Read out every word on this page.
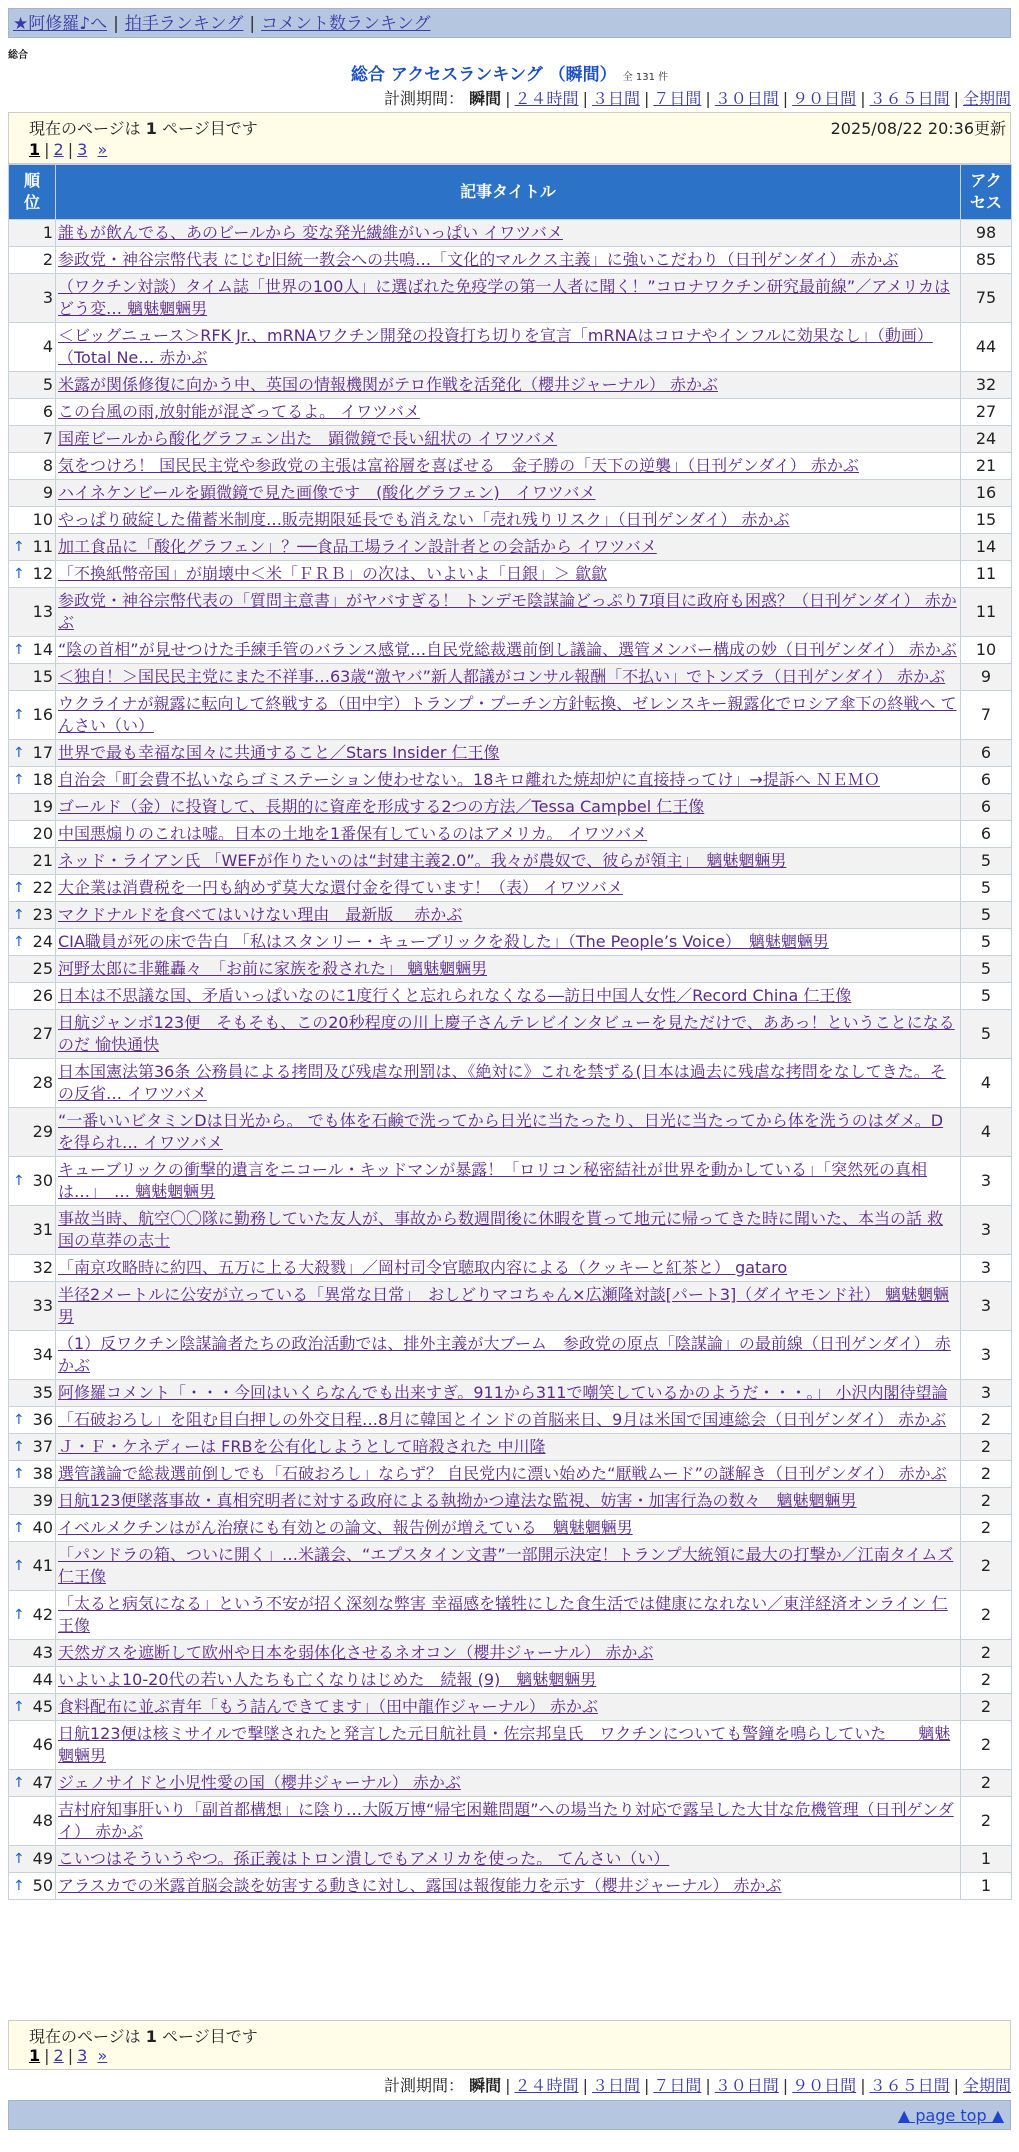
★阿修羅♪へ | 拍手ランキング | コメント数ランキング
総合
総合 アクセスランキング （瞬間） 全 131 件
計測期間： 瞬間 | ２４時間 | ３日間 | ７日間 | ３０日間 | ９０日間 | ３６５日間 | 全期間
現在のページは 1 ページ目です	2025/08/22 20:36更新
1 | 2 | 3 »
順位	記事タイトル	アクセス
1	誰もが飲んでる、あのビールから 変な発光繊維がいっぱい イワツバメ	98
2	参政党・神谷宗幣代表 にじむ旧統一教会への共鳴…「文化的マルクス主義」に強いこだわり（日刊ゲンダイ） 赤かぶ	85
3	（ワクチン対談）タイム誌「世界の100人」に選ばれた免疫学の第一人者に聞く！”コロナワクチン研究最前線”／アメリカはどう変… 魑魅魍魎男	75
4	＜ビッグニュース＞RFK Jr.、mRNAワクチン開発の投資打ち切りを宣言「mRNAはコロナやインフルに効果なし」（動画）（Total Ne… 赤かぶ	44
5	米露が関係修復に向かう中、英国の情報機関がテロ作戦を活発化（櫻井ジャーナル） 赤かぶ	32
6	この台風の雨,放射能が混ざってるよ。 イワツバメ	27
7	国産ビールから酸化グラフェン出た　顕微鏡で長い紐状の イワツバメ	24
8	気をつけろ！ 国民民主党や参政党の主張は富裕層を喜ばせる　金子勝の「天下の逆襲」（日刊ゲンダイ） 赤かぶ	21
9	ハイネケンビールを顕微鏡で見た画像です　(酸化グラフェン)　イワツバメ	16
10	やっぱり破綻した備蓄米制度…販売期限延長でも消えない「売れ残りリスク」（日刊ゲンダイ） 赤かぶ	15

↑ 11	加工食品に「酸化グラフェン」？──食品工場ライン設計者との会話から イワツバメ	14

↑ 12	「不換紙幣帝国」が崩壊中＜米「ＦＲＢ」の次は、いよいよ「日銀」＞ 歙歙	11
13	参政党・神谷宗幣代表の「質問主意書」がヤバすぎる！ トンデモ陰謀論どっぷり7項目に政府も困惑？（日刊ゲンダイ） 赤かぶ	11

↑ 14	“陰の首相”が見せつけた手練手管のバランス感覚…自民党総裁選前倒し議論、選管メンバー構成の妙（日刊ゲンダイ） 赤かぶ	10
15	＜独自！＞国民民主党にまた不祥事…63歳“激ヤバ”新人都議がコンサル報酬「不払い」でトンズラ（日刊ゲンダイ） 赤かぶ	9

↑ 16	ウクライナが親露に転向して終戦する（田中宇）トランプ・プーチン方針転換、ゼレンスキー親露化でロシア傘下の終戦へ てんさい（い）	7

↑ 17	世界で最も幸福な国々に共通すること／Stars Insider 仁王像	6

↑ 18	自治会「町会費不払いならゴミステーション使わせない。18キロ離れた焼却炉に直接持ってけ」→提訴へ ＮＥＭＯ	6
19	ゴールド（金）に投資して、長期的に資産を形成する2つの方法／Tessa Campbel 仁王像	6
20	中国悪煽りのこれは嘘。日本の土地を1番保有しているのはアメリカ。 イワツバメ	6
21	ネッド・ライアン氏 「WEFが作りたいのは“封建主義2.0”。我々が農奴で、彼らが領主」　魑魅魍魎男	5

↑ 22	大企業は消費税を一円も納めず莫大な還付金を得ています！（表） イワツバメ	5

↑ 23	マクドナルドを食べてはいけない理由　最新版　 赤かぶ	5

↑ 24	CIA職員が死の床で告白 「私はスタンリー・キューブリックを殺した」（The People’s Voice）　魑魅魍魎男	5
25	河野太郎に非難轟々　「お前に家族を殺された」 魑魅魍魎男	5
26	日本は不思議な国、矛盾いっぱいなのに1度行くと忘れられなくなる―訪日中国人女性／Record China 仁王像	5
27	日航ジャンボ123便　そもそも、この20秒程度の川上慶子さんテレビインタビューを見ただけで、ああっ！ということになるのだ 愉快通快	5
28	日本国憲法第36条 公務員による拷問及び残虐な刑罰は、《絶対に》これを禁ずる(日本は過去に残虐な拷問をなしてきた。その反省… イワツバメ	4
29	“一番いいビタミンDは日光から。 でも体を石鹸で洗ってから日光に当たったり、日光に当たってから体を洗うのはダメ。Dを得られ… イワツバメ	4

↑ 30	キューブリックの衝撃的遺言をニコール・キッドマンが暴露！「ロリコン秘密結社が世界を動かしている」「突然死の真相は…」　… 魑魅魍魎男	3
31	事故当時、航空〇〇隊に勤務していた友人が、事故から数週間後に休暇を貰って地元に帰ってきた時に聞いた、本当の話 救国の草莽の志士	3
32	「南京攻略時に約四、五万に上る大殺戮」／岡村司令官聴取内容による（クッキーと紅茶と） gataro	3
33	半径2メートルに公安が立っている「異常な日常」　おしどりマコちゃん×広瀬隆対談[パート3]（ダイヤモンド社） 魑魅魍魎男	3
34	（1）反ワクチン陰謀論者たちの政治活動では、排外主義が大ブーム　参政党の原点「陰謀論」の最前線（日刊ゲンダイ） 赤かぶ	3
35	阿修羅コメント「・・・今回はいくらなんでも出来すぎ。911から311で嘲笑しているかのようだ・・・。」 小沢内閣待望論	3

↑ 36	「石破おろし」を阻む目白押しの外交日程…8月に韓国とインドの首脳来日、9月は米国で国連総会（日刊ゲンダイ） 赤かぶ	2

↑ 37	Ｊ・Ｆ・ケネディーは FRBを公有化しようとして暗殺された 中川隆	2

↑ 38	選管議論で総裁選前倒しでも「石破おろし」ならず？ 自民党内に漂い始めた“厭戦ムード”の謎解き（日刊ゲンダイ） 赤かぶ	2
39	日航123便墜落事故・真相究明者に対する政府による執拗かつ違法な監視、妨害・加害行為の数々　魑魅魍魎男	2

↑ 40	イベルメクチンはがん治療にも有効との論文、報告例が増えている　魑魅魍魎男	2

↑ 41	「パンドラの箱、ついに開く」…米議会、“エプスタイン文書”一部開示決定！トランプ大統領に最大の打撃か／江南タイムズ 仁王像	2

↑ 42	「太ると病気になる」という不安が招く深刻な弊害 幸福感を犠牲にした食生活では健康になれない／東洋経済オンライン 仁王像	2
43	天然ガスを遮断して欧州や日本を弱体化させるネオコン（櫻井ジャーナル） 赤かぶ	2
44	いよいよ10-20代の若い人たちも亡くなりはじめた　続報 (9)　魑魅魍魎男	2

↑ 45	食料配布に並ぶ青年「もう詰んできてます」（田中龍作ジャーナル） 赤かぶ	2
46	日航123便は核ミサイルで撃墜されたと発言した元日航社員・佐宗邦皇氏　ワクチンについても警鐘を鳴らしていた　　魑魅魍魎男	2

↑ 47	ジェノサイドと小児性愛の国（櫻井ジャーナル） 赤かぶ	2
48	吉村府知事肝いり「副首都構想」に陰り…大阪万博“帰宅困難問題”への場当たり対応で露呈した大甘な危機管理（日刊ゲンダイ） 赤かぶ	2

↑ 49	こいつはそういうやつ。孫正義はトロン潰しでもアメリカを使った。 てんさい（い）	1

↑ 50	アラスカでの米露首脳会談を妨害する動きに対し、露国は報復能力を示す（櫻井ジャーナル） 赤かぶ	1
現在のページは 1 ページ目です
1 | 2 | 3 »
計測期間： 瞬間 | ２４時間 | ３日間 | ７日間 | ３０日間 | ９０日間 | ３６５日間 | 全期間
▲ page top ▲
